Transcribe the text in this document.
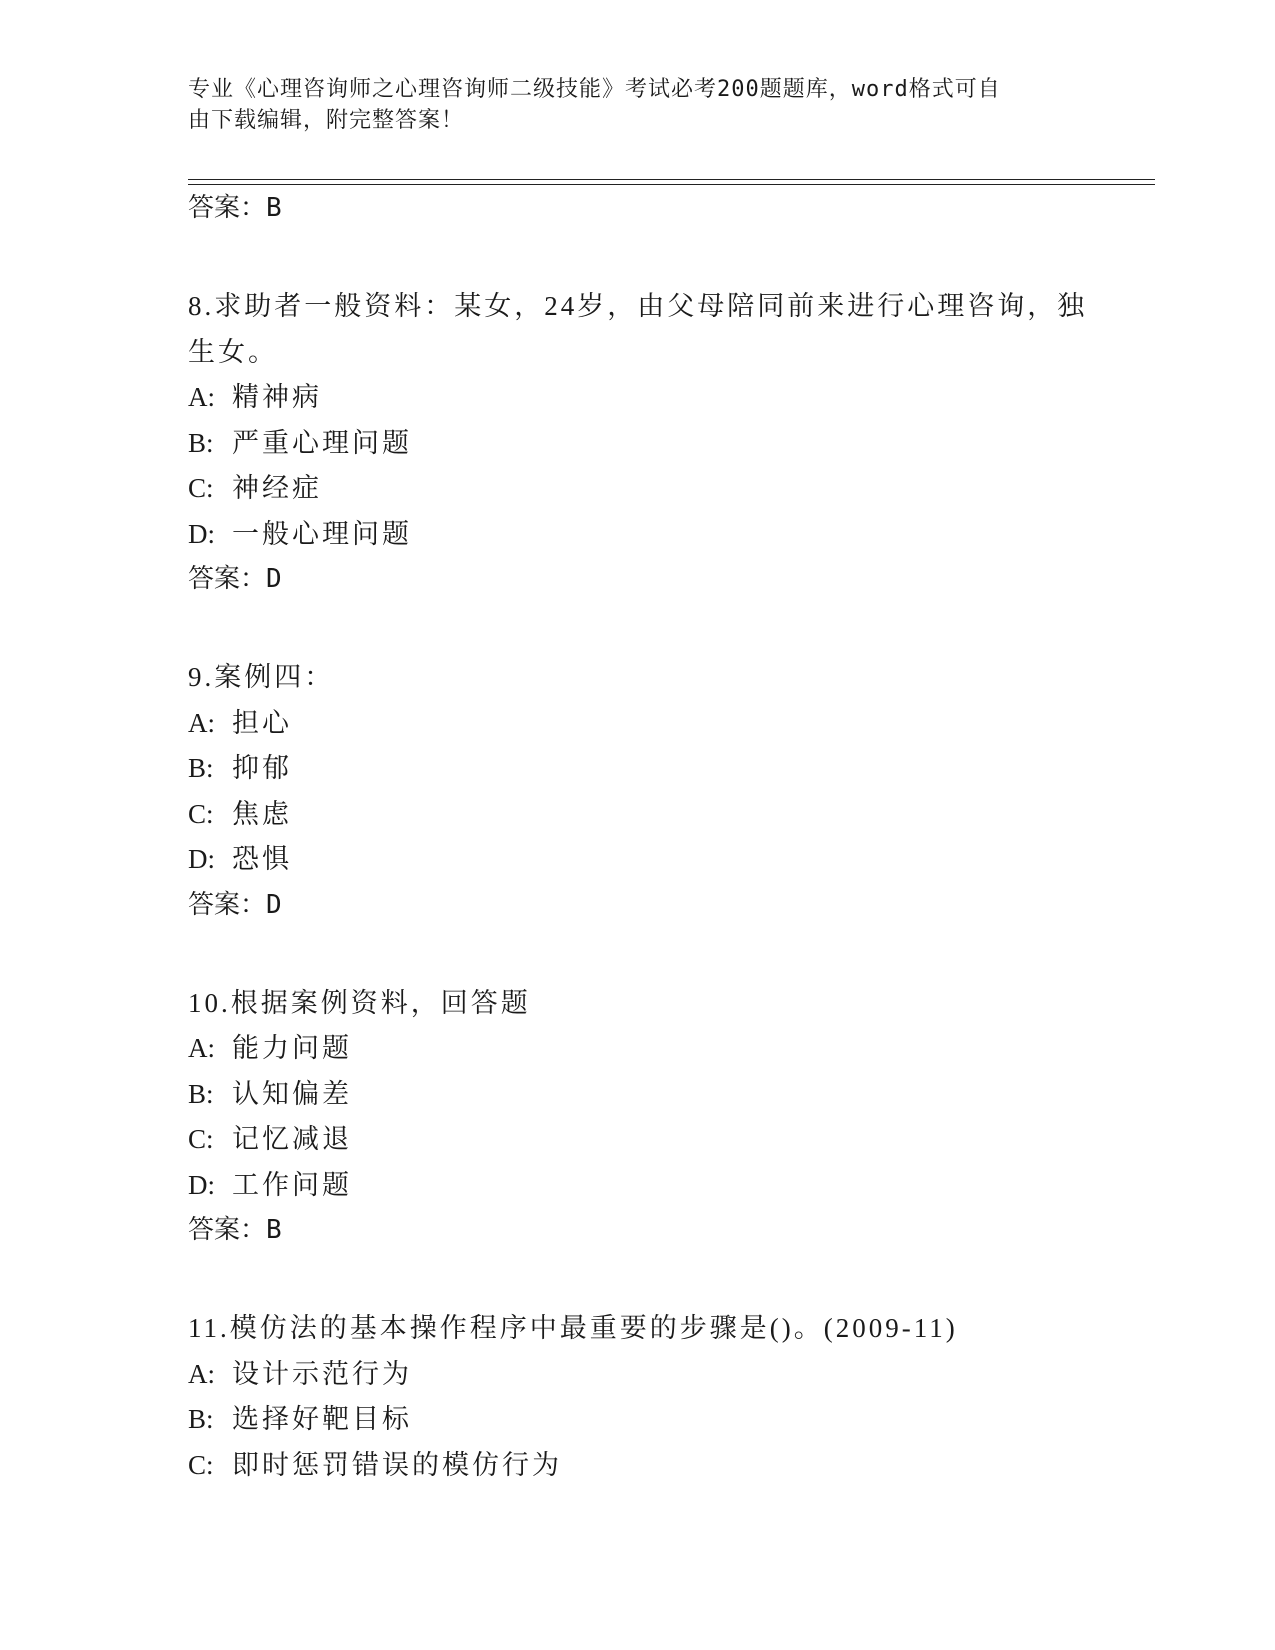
专业《心理咨询师之心理咨询师二级技能》考试必考200题题库，word格式可自
由下载编辑，附完整答案！

答案：B

8.求助者一般资料：某女，24岁，由父母陪同前来进行心理咨询，独

生女。

A: 精神病

B: 严重心理问题

C: 神经症

D: 一般心理问题

答案：D

9.案例四：

A: 担心

B: 抑郁

C: 焦虑

D: 恐惧

答案：D

10.根据案例资料，回答题

A: 能力问题

B: 认知偏差

C: 记忆减退

D: 工作问题

答案：B

11.模仿法的基本操作程序中最重要的步骤是()。(2009-11)

A: 设计示范行为

B: 选择好靶目标

C: 即时惩罚错误的模仿行为
